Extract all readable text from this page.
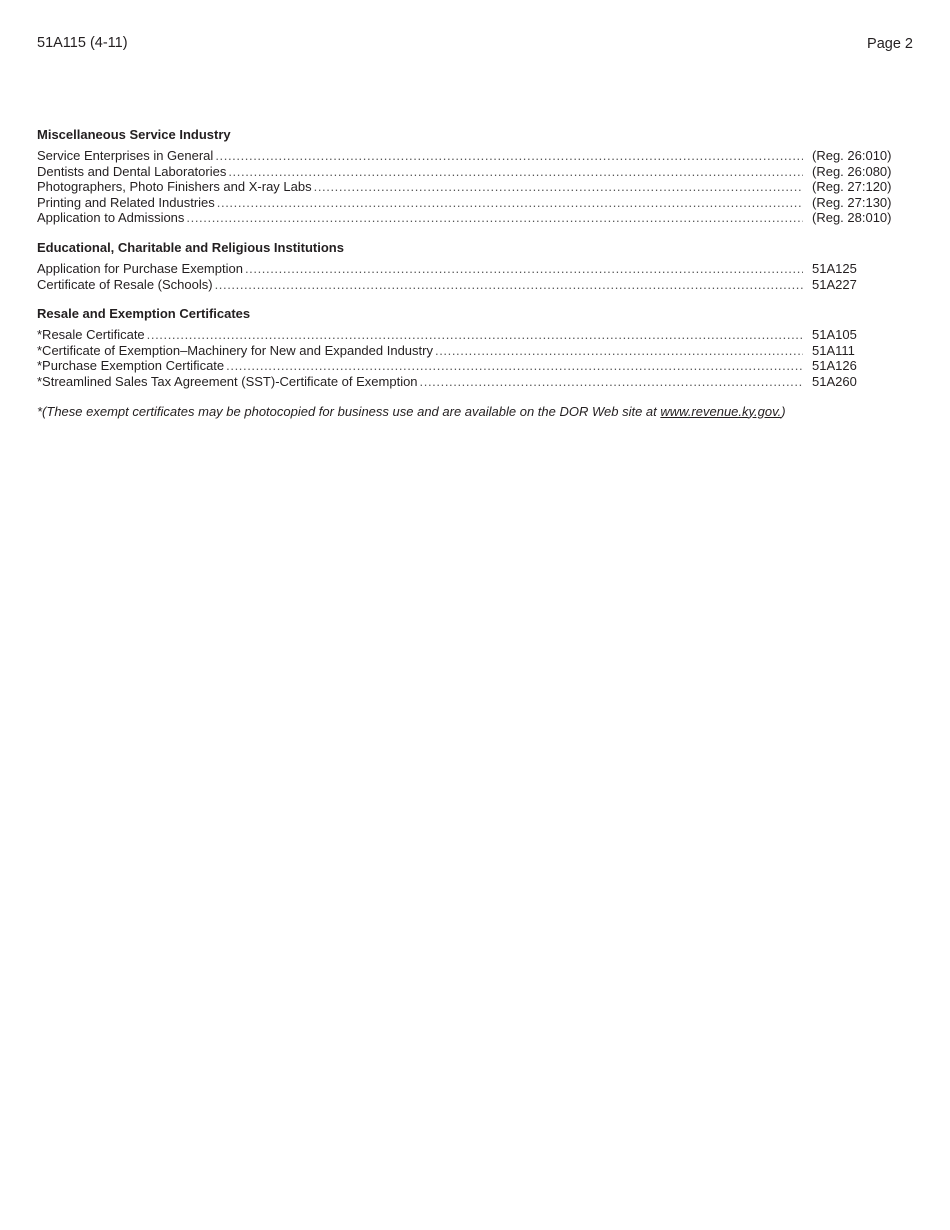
51A115 (4-11)	Page 2
Miscellaneous Service Industry
Service Enterprises in General .....	(Reg. 26:010)
Dentists and Dental Laboratories .....	(Reg. 26:080)
Photographers, Photo Finishers and X-ray Labs .....	(Reg. 27:120)
Printing and Related Industries .....	(Reg. 27:130)
Application to Admissions .....	(Reg. 28:010)
Educational, Charitable and Religious Institutions
Application for Purchase Exemption .....	51A125
Certificate of Resale (Schools) .....	51A227
Resale and Exemption Certificates
*Resale Certificate .....	51A105
*Certificate of Exemption–Machinery for New and Expanded Industry .....	51A111
*Purchase Exemption Certificate .....	51A126
*Streamlined Sales Tax Agreement (SST)-Certificate of Exemption .....	51A260
*(These exempt certificates may be photocopied for business use and are available on the DOR Web site at www.revenue.ky.gov.)
